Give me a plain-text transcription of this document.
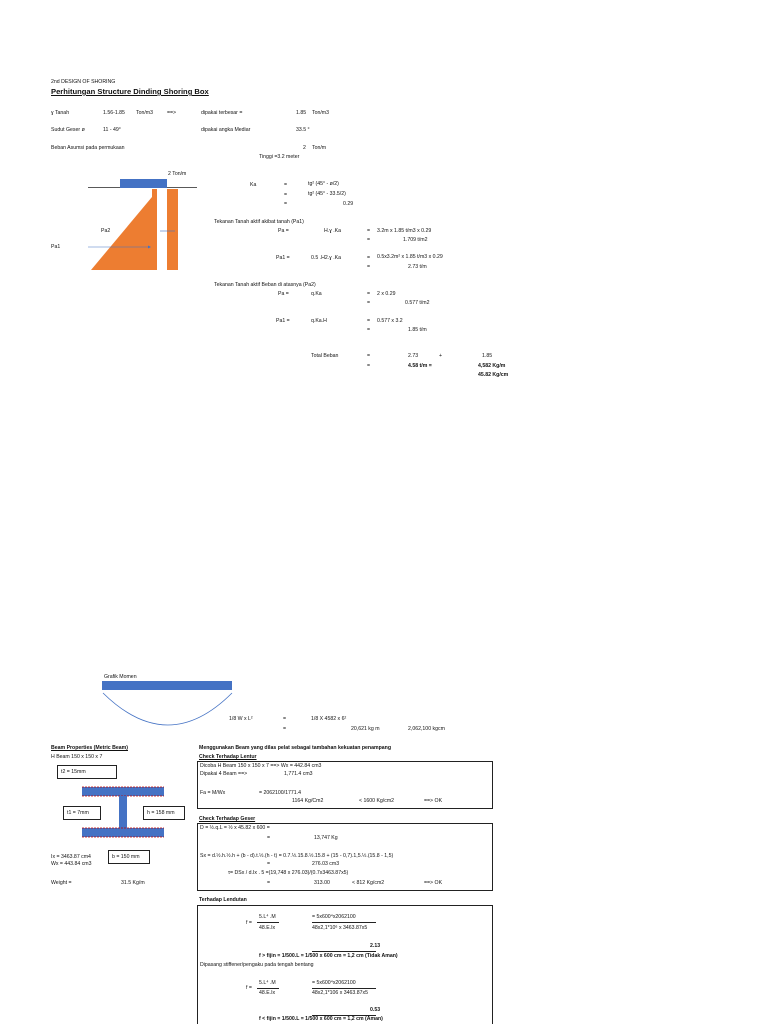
2nd DESIGN OF SHORING
Perhitungan Structure Dinding Shoring Box
ɣ Tanah	1.56-1.85 Ton/m3	==>	dipakai terbesar =	1.85 Ton/m3
Sudut Geser ø	11 - 49°	dipakai angka Mediar	33.5 °
Beban Asumsi pada permukaan	2 Ton/m
Tinggi =3.2 meter
2 Ton/m
Pa2
Pa1
Ka	=	tg² (45° - ø/2)
=	tg² (45° - 33.5/2)
=	0.29
Tekanan Tanah aktif akibat tanah (Pa1)
Pa =	H.ɣ .Ka	= 3.2m x 1.85 t/m3 x 0.29
=	1.709 t/m2
Pa1 =	0.5 .H2.ɣ .Ka	= 0.5x3.2m² x 1.85 t/m3 x 0.29
=	2.73 t/m
Tekanan Tanah aktif Beban di atasnya (Pa2)
Pa =	q.Ka	= 2 x 0.29
=	0.577 t/m2
Pa1 =	q.Ka.H	= 0.577 x 3.2
=	1.85 t/m
Total Beban	=	2.73	+	1.85
=	4.58 t/m =	4,582 Kg/m
45.82 Kg/cm
Grafik Momen
1/8 W x L²	=	1/8 X 4582 x 6²
=	20,621 kg m	2,062,100 kgcm
Beam Properties (Metric Beam)
H Beam 150 x 150 x 7
t2 = 15mm
t1 = 7mm	h = 158 mm
b = 150 mm
Ix = 3463.87 cm4
Wx = 443.84 cm3
Weight =	31.5 Kg/m
Menggunakan Beam yang dilas pelat sebagai tambahan kekuatan penampang
Check Terhadap Lentur
Dicoba H Beam 150 x 150 x 7 ==> Wx = 442.84 cm3
Dipakai 4 Beam ==>	1,771.4 cm3
Fa = M/Wx	= 2062100/1771.4
1164 Kg/Cm2	< 1600 Kg/cm2	==> OK
Check Terhadap Geser
D = ½.q.L = ½ x 45.82 x 600 =
=	13,747 Kg
Sx = d.½.h.½.h + (b - d).t.½.(h - t) = 0.7.½.15.8.½.15.8 + (15 - 0,7).1,5.½.(15.8 - 1,5)
=	276.03 cm3
τ= DSx / d.Ix . 5 =(19,748 x 276.03)/(0.7x3463.87x5)
=	313.00	< 812 Kg/cm2	==> OK
Terhadap Lendutan
f =
5.L⁴ .M
48.E.Ix
= 5x600⁴x2062100
48x2,1*10⁶ x 3463.87x5
2.13
f > fijin = 1/500.L = 1/500 x 600 cm = 1,2 cm (Tidak Aman)
Dipasang stiffener/pengaku pada tengah bentang
f =
5.L⁴ .M
48.E.Ix
= 5x600⁴x2062100
48x2,1*106 x 3463.87x5
0.53
f < fijin = 1/500.L = 1/500 x 600 cm = 1,2 cm (Aman)
